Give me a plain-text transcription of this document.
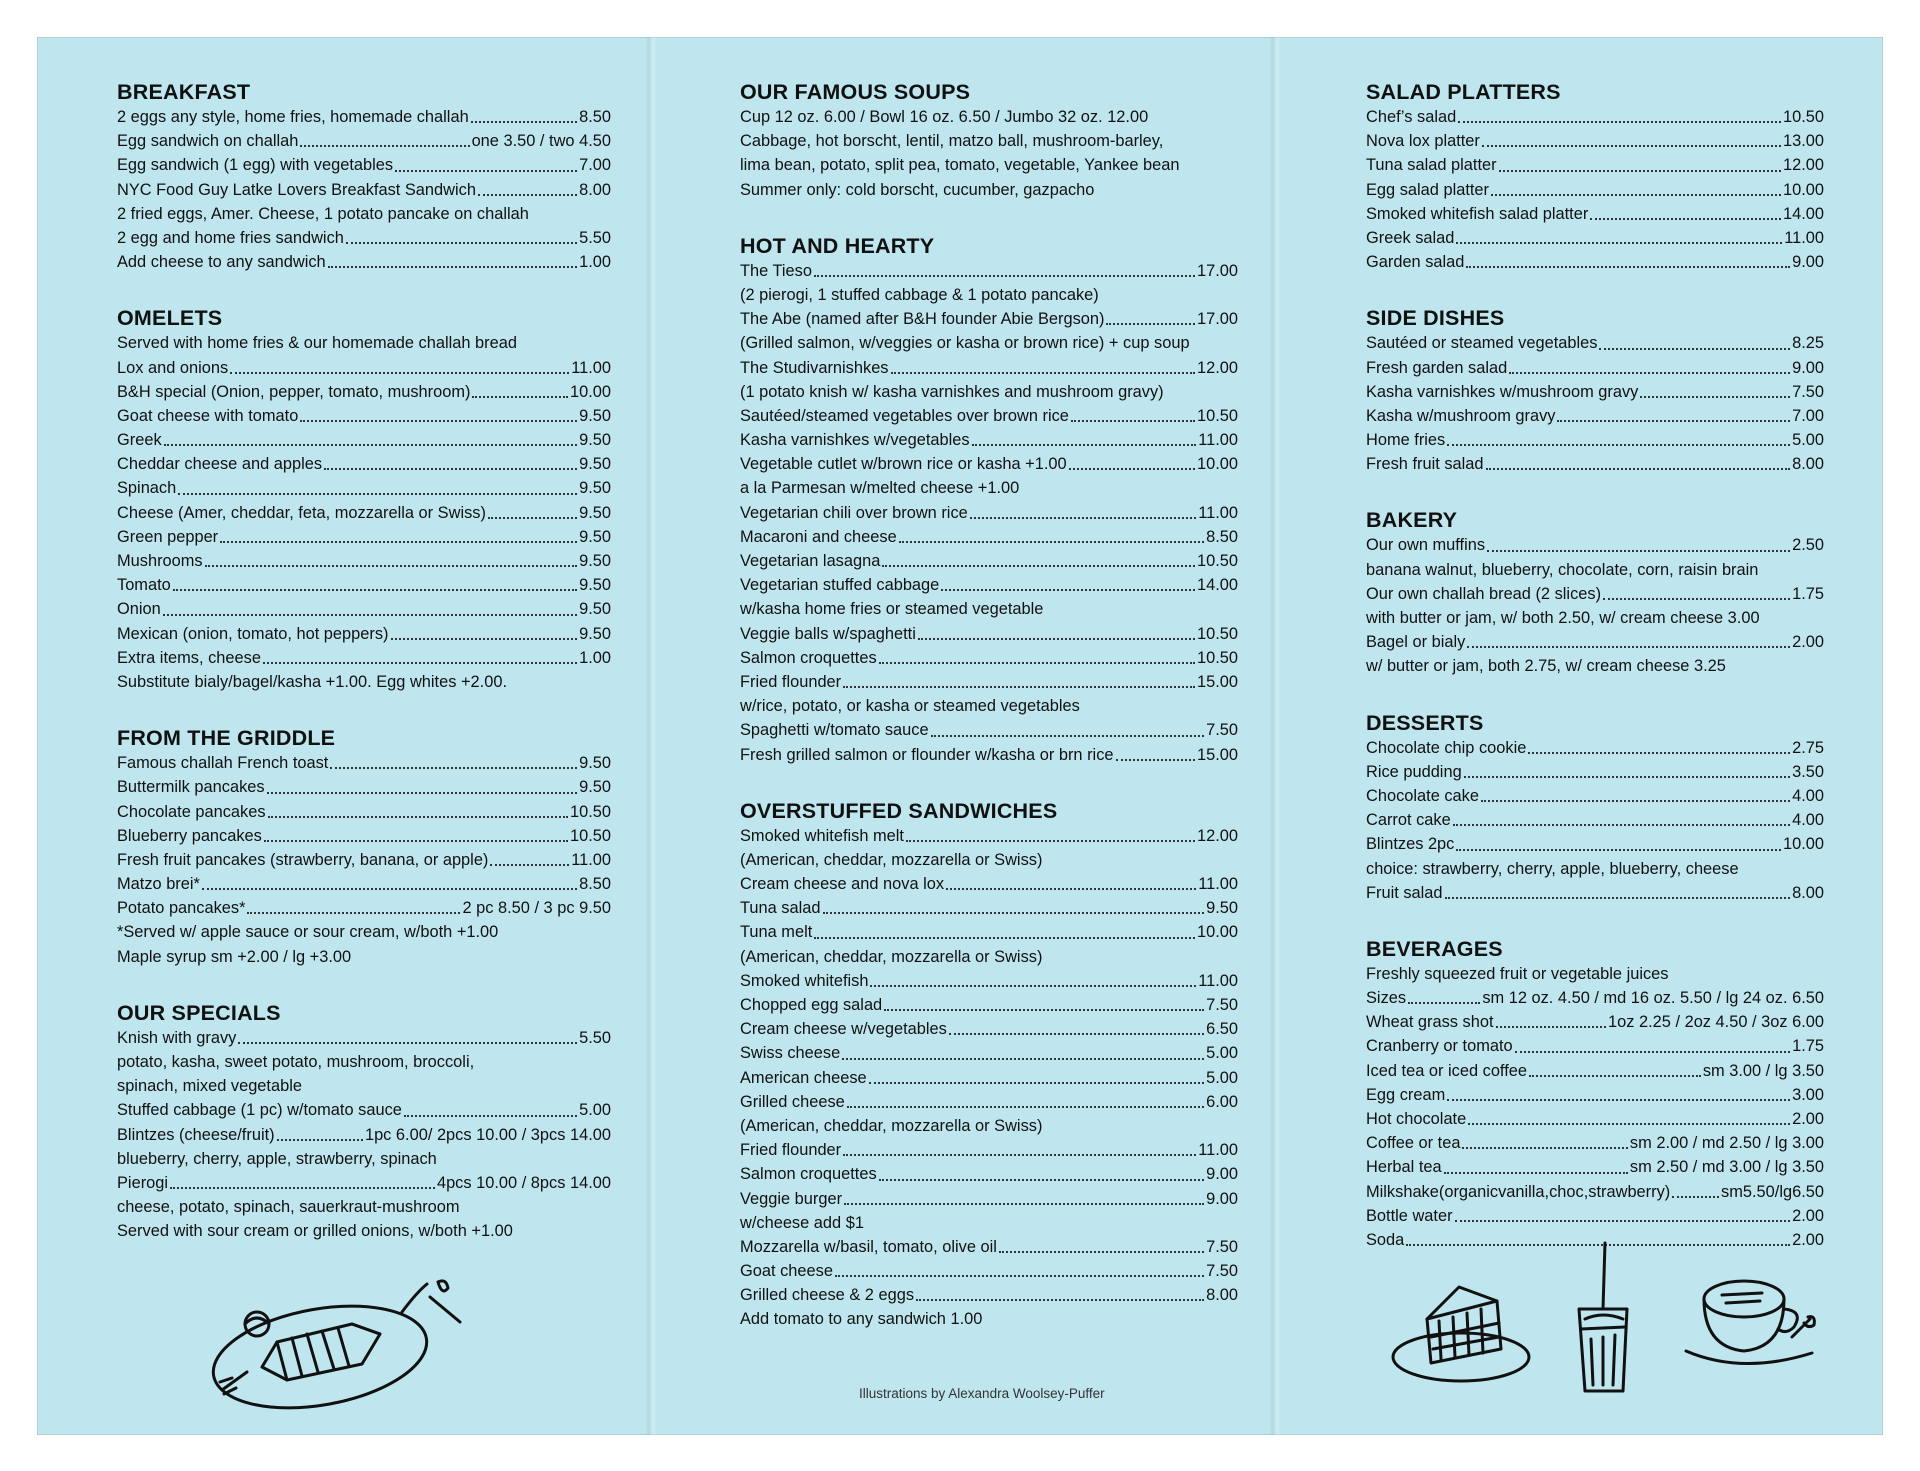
BREAKFAST
2 eggs any style, home fries, homemade challah	8.50
Egg sandwich on challah	one 3.50 / two 4.50
Egg sandwich (1 egg) with vegetables	7.00
NYC Food Guy Latke Lovers Breakfast Sandwich	8.00
2 fried eggs, Amer. Cheese, 1 potato pancake on challah
2 egg and home fries sandwich	5.50
Add cheese to any sandwich	1.00
OMELETS
Served with home fries & our homemade challah bread
Lox and onions	11.00
B&H special (Onion, pepper, tomato, mushroom)	10.00
Goat cheese with tomato	9.50
Greek	9.50
Cheddar cheese and apples	9.50
Spinach	9.50
Cheese (Amer, cheddar, feta, mozzarella or Swiss)	9.50
Green pepper	9.50
Mushrooms	9.50
Tomato	9.50
Onion	9.50
Mexican (onion, tomato, hot peppers)	9.50
Extra items, cheese	1.00
Substitute bialy/bagel/kasha +1.00. Egg whites +2.00.
FROM THE GRIDDLE
Famous challah French toast	9.50
Buttermilk pancakes	9.50
Chocolate pancakes	10.50
Blueberry pancakes	10.50
Fresh fruit pancakes (strawberry, banana, or apple)	11.00
Matzo brei*	8.50
Potato pancakes*	2 pc 8.50 / 3 pc 9.50
*Served w/ apple sauce or sour cream, w/both +1.00
Maple syrup sm +2.00 / lg +3.00
OUR SPECIALS
Knish with gravy	5.50
potato, kasha, sweet potato, mushroom, broccoli,
spinach, mixed vegetable
Stuffed cabbage (1 pc) w/tomato sauce	5.00
Blintzes (cheese/fruit)	1pc 6.00/ 2pcs 10.00 / 3pcs 14.00
blueberry, cherry, apple, strawberry, spinach
Pierogi	4pcs 10.00 / 8pcs 14.00
cheese, potato, spinach, sauerkraut-mushroom
Served with sour cream or grilled onions, w/both +1.00
OUR FAMOUS SOUPS
Cup 12 oz. 6.00 / Bowl 16 oz. 6.50 / Jumbo 32 oz. 12.00
Cabbage, hot borscht, lentil, matzo ball, mushroom-barley,
lima bean, potato, split pea, tomato, vegetable, Yankee bean
Summer only: cold borscht, cucumber, gazpacho
HOT AND HEARTY
The Tieso	17.00
(2 pierogi, 1 stuffed cabbage & 1 potato pancake)
The Abe (named after B&H founder Abie Bergson)	17.00
(Grilled salmon, w/veggies or kasha or brown rice) + cup soup
The Studivarnishkes	12.00
(1 potato knish w/ kasha varnishkes and mushroom gravy)
Sautéed/steamed vegetables over brown rice	10.50
Kasha varnishkes w/vegetables	11.00
Vegetable cutlet w/brown rice or kasha +1.00	10.00
a la Parmesan w/melted cheese +1.00
Vegetarian chili over brown rice	11.00
Macaroni and cheese	8.50
Vegetarian lasagna	10.50
Vegetarian stuffed cabbage	14.00
w/kasha home fries or steamed vegetable
Veggie balls w/spaghetti	10.50
Salmon croquettes	10.50
Fried flounder	15.00
w/rice, potato, or kasha or steamed vegetables
Spaghetti w/tomato sauce	7.50
Fresh grilled salmon or flounder w/kasha or brn rice	15.00
OVERSTUFFED SANDWICHES
Smoked whitefish melt	12.00
(American, cheddar, mozzarella or Swiss)
Cream cheese and nova lox	11.00
Tuna salad	9.50
Tuna melt	10.00
(American, cheddar, mozzarella or Swiss)
Smoked whitefish	11.00
Chopped egg salad	7.50
Cream cheese w/vegetables	6.50
Swiss cheese	5.00
American cheese	5.00
Grilled cheese	6.00
(American, cheddar, mozzarella or Swiss)
Fried flounder	11.00
Salmon croquettes	9.00
Veggie burger	9.00
w/cheese add $1
Mozzarella w/basil, tomato, olive oil	7.50
Goat cheese	7.50
Grilled cheese & 2 eggs	8.00
Add tomato to any sandwich 1.00
SALAD PLATTERS
Chef’s salad	10.50
Nova lox platter	13.00
Tuna salad platter	12.00
Egg salad platter	10.00
Smoked whitefish salad platter	14.00
Greek salad	11.00
Garden salad	9.00
SIDE DISHES
Sautéed or steamed vegetables	8.25
Fresh garden salad	9.00
Kasha varnishkes w/mushroom gravy	7.50
Kasha w/mushroom gravy	7.00
Home fries	5.00
Fresh fruit salad	8.00
BAKERY
Our own muffins	2.50
banana walnut, blueberry, chocolate, corn, raisin brain
Our own challah bread (2 slices)	1.75
with butter or jam, w/ both 2.50, w/ cream cheese 3.00
Bagel or bialy	2.00
w/ butter or jam, both 2.75, w/ cream cheese 3.25
DESSERTS
Chocolate chip cookie	2.75
Rice pudding	3.50
Chocolate cake	4.00
Carrot cake	4.00
Blintzes 2pc	10.00
choice: strawberry, cherry, apple, blueberry, cheese
Fruit salad	8.00
BEVERAGES
Freshly squeezed fruit or vegetable juices
Sizes	sm 12 oz. 4.50 / md 16 oz. 5.50 / lg 24 oz. 6.50
Wheat grass shot	1oz 2.25 / 2oz 4.50 / 3oz 6.00
Cranberry or tomato	1.75
Iced tea or iced coffee	sm 3.00 / lg 3.50
Egg cream	3.00
Hot chocolate	2.00
Coffee or tea	sm 2.00 / md 2.50 / lg 3.00
Herbal tea	sm 2.50 / md 3.00 / lg 3.50
Milkshake(organicvanilla,choc,strawberry)	sm5.50/lg6.50
Bottle water	2.00
Soda	2.00
Illustrations by Alexandra Woolsey-Puffer
